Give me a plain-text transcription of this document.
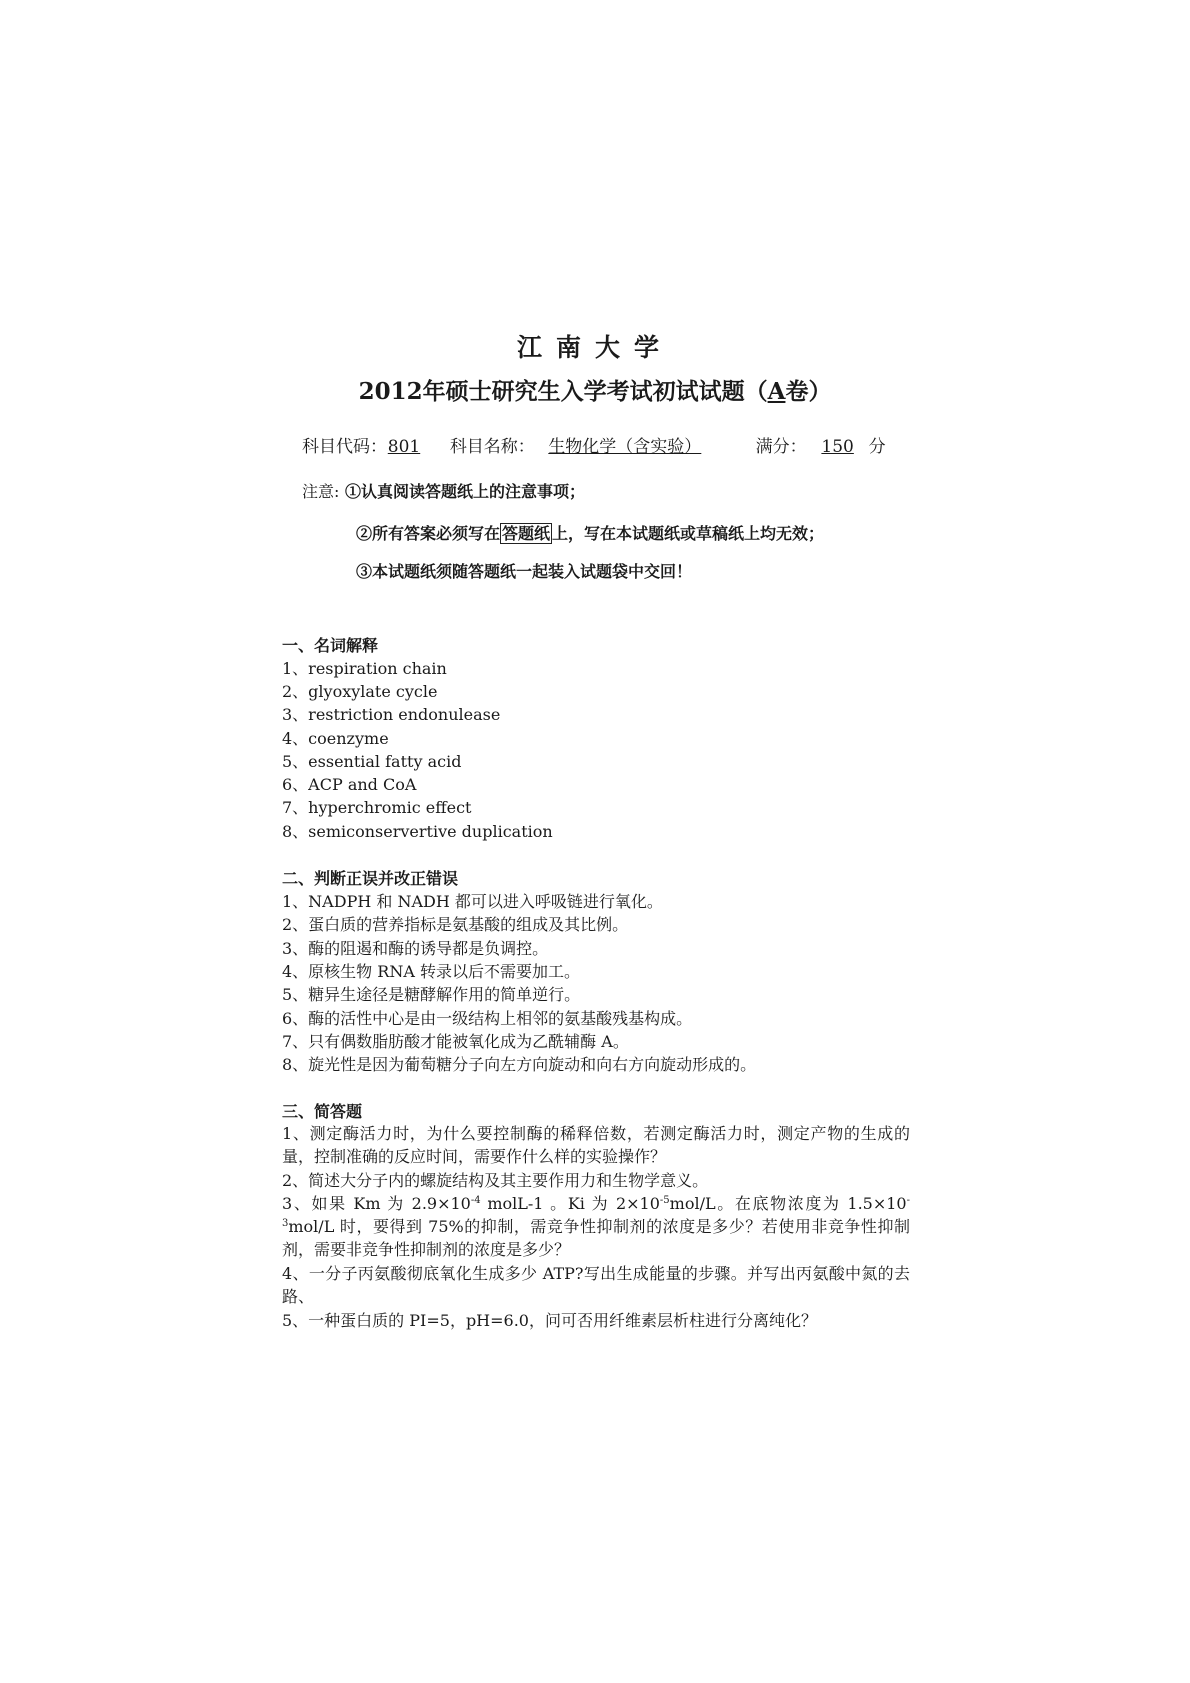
江南大学
2012年硕士研究生入学考试初试试题（A卷）
科目代码：801 科目名称： 生物化学（含实验）	满分： 150 分
注意: ①认真阅读答题纸上的注意事项；
②所有答案必须写在 答题纸 上，写在本试题纸或草稿纸上均无效；
③本试题纸须随答题纸一起装入试题袋中交回！
一、名词解释
1、respiration chain
2、glyoxylate cycle
3、restriction endonulease
4、coenzyme
5、essential fatty acid
6、ACP and CoA
7、hyperchromic effect
8、semiconservertive duplication
二、判断正误并改正错误
1、NADPH 和 NADH 都可以进入呼吸链进行氧化。
2、蛋白质的营养指标是氨基酸的组成及其比例。
3、酶的阻遏和酶的诱导都是负调控。
4、原核生物 RNA 转录以后不需要加工。
5、糖异生途径是糖酵解作用的简单逆行。
6、酶的活性中心是由一级结构上相邻的氨基酸残基构成。
7、只有偶数脂肪酸才能被氧化成为乙酰辅酶 A。
8、旋光性是因为葡萄糖分子向左方向旋动和向右方向旋动形成的。
三、简答题
1、测定酶活力时，为什么要控制酶的稀释倍数，若测定酶活力时，测定产物的生成的量，控制准确的反应时间，需要作什么样的实验操作？
2、简述大分子内的螺旋结构及其主要作用力和生物学意义。
3、如果 Km 为 $2.9\times 10^{-4}$ molL-1 。Ki 为 $2\times 10^{-5}mol/L$。在底物浓度为 $1.5\times 10^{-3}mol/L$ 时，要得到 75%的抑制，需竞争性抑制剂的浓度是多少？若使用非竞争性抑制剂，需要非竞争性抑制剂的浓度是多少？
4、一分子丙氨酸彻底氧化生成多少 ATP?写出生成能量的步骤。并写出丙氨酸中氮的去路、
5、一种蛋白质的 PI=5，pH=6.0，问可否用纤维素层析柱进行分离纯化？
